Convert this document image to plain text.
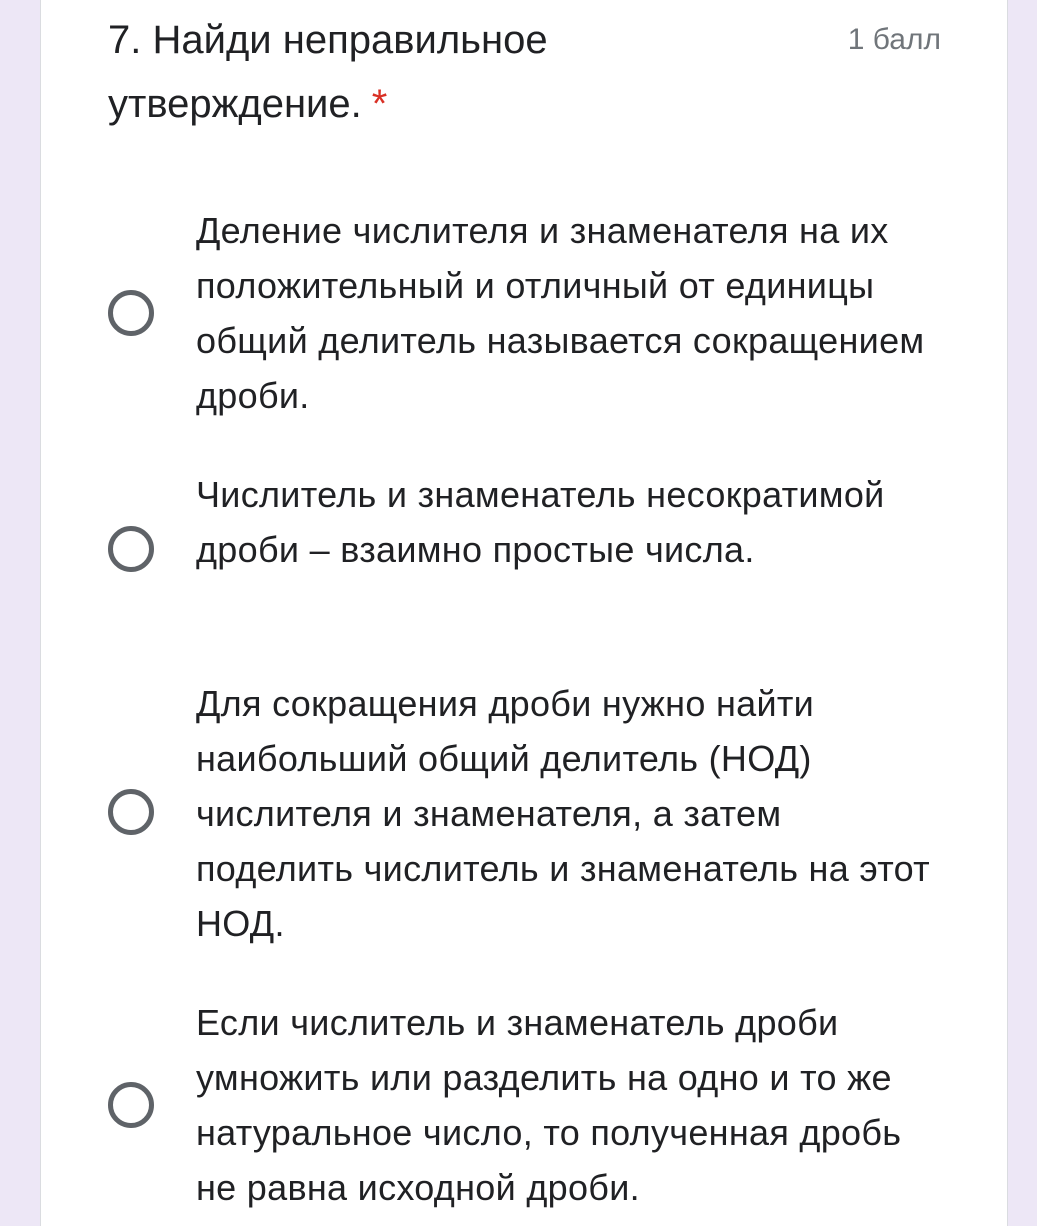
7. Найди неправильное утверждение. *
1 балл
Деление числителя и знаменателя на их положительный и отличный от единицы общий делитель называется сокращением дроби.
Числитель и знаменатель несократимой дроби – взаимно простые числа.
Для сокращения дроби нужно найти наибольший общий делитель (НОД) числителя и знаменателя, а затем поделить числитель и знаменатель на этот НОД.
Если числитель и знаменатель дроби умножить или разделить на одно и то же натуральное число, то полученная дробь не равна исходной дроби.
